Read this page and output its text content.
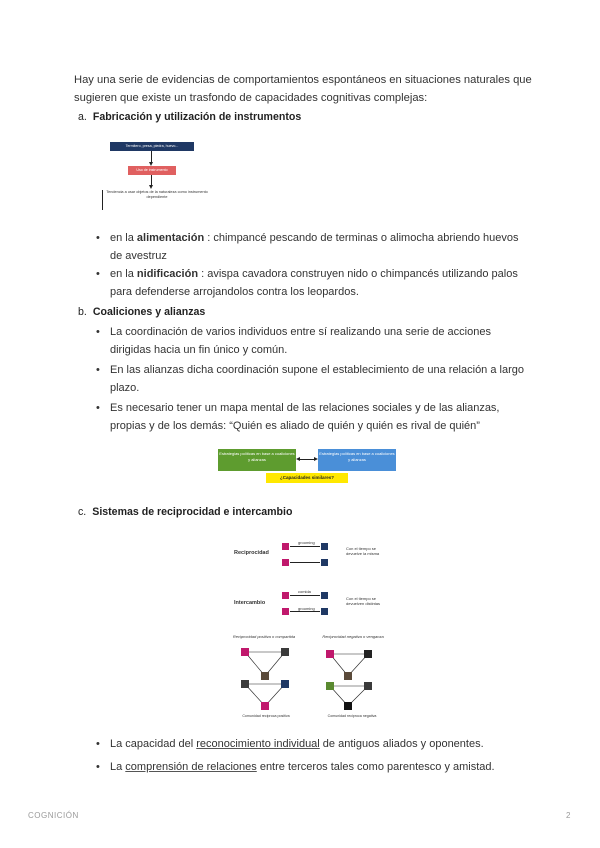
Hay una serie de evidencias de comportamientos espontáneos en situaciones naturales que sugieren que existe un trasfondo de capacidades cognitivas complejas:
a. Fabricación y utilización de instrumentos
Termitero, presa, piedra, huevo...
Uso de instrumento
Tendencia a usar objetos de la naturaleza como instrumento dependiente
• en la alimentación : chimpancé pescando de terminas o alimocha abriendo huevos de avestruz
• en la nidificación : avispa cavadora construyen nido o chimpancés utilizando palos para defenderse arrojandolos contra los leopardos.
b. Coaliciones y alianzas
• La coordinación de varios individuos entre sí realizando una serie de acciones dirigidas hacia un fin único y común.
• En las alianzas dicha coordinación supone el establecimiento de una relación a largo plazo.
• Es necesario tener un mapa mental de las relaciones sociales y de las alianzas, propias y de los demás: “Quién es aliado de quién y quién es rival de quién”
Estrategias políticas en base a coaliciones y alianzas
Estrategias políticas en base a coaliciones y alianzas
¿Capacidades similares?
c. Sistemas de reciprocidad e intercambio
Reciprocidad
grooming
Con el tiempo se devuelve la misma
Intercambio
comida
grooming
Con el tiempo se devuelven distintas
Reciprocidad positiva o compartida	Reciprocidad negativa o venganza
Comunidad reciproca positiva	Comunidad reciproca negativa
• La capacidad del reconocimiento individual de antiguos aliados y oponentes.
• La comprensión de relaciones entre terceros tales como parentesco y amistad.
COGNICIÓN	2
